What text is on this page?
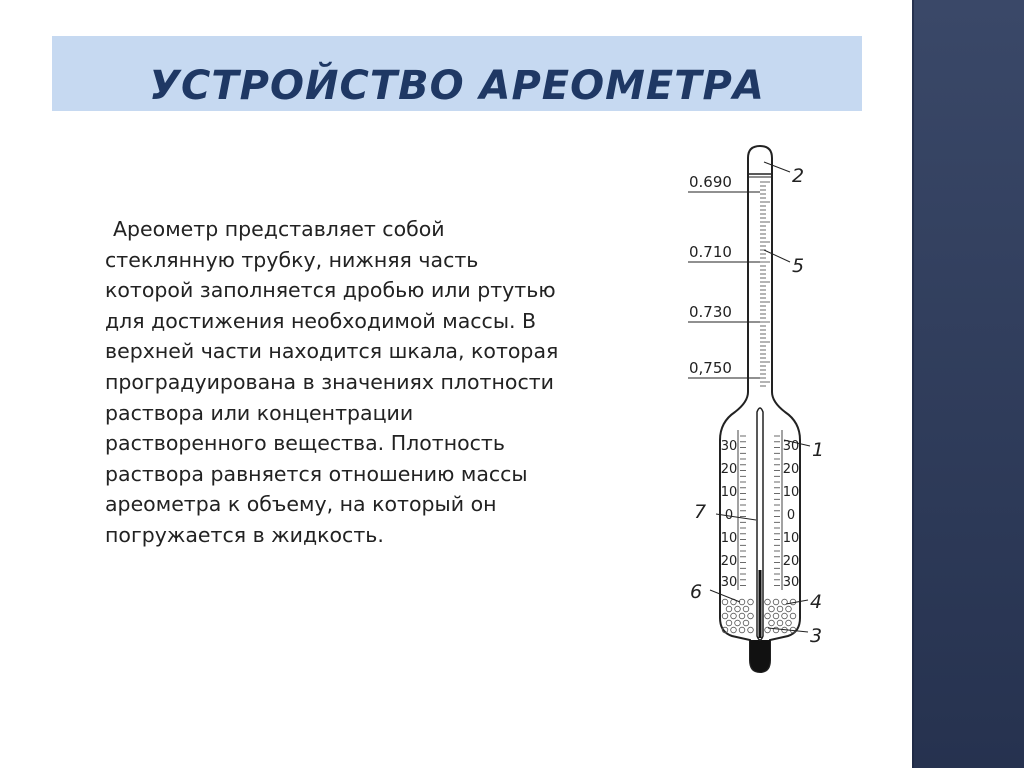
УСТРОЙСТВО АРЕОМЕТРА
Ареометр представляет собой стеклянную трубку, нижняя часть которой заполняется дробью или ртутью для достижения необходимой массы. В верхней части находится шкала, которая проградуирована в значениях плотности раствора или концентрации растворенного вещества. Плотность раствора равняется отношению массы ареометра к объему, на который он погружается в жидкость.
0.690
0.710
0.730
0,750
2
5
1
7
6	4
3
30
20
10
0
10
20
30
30
20
10
0
10
20
30
